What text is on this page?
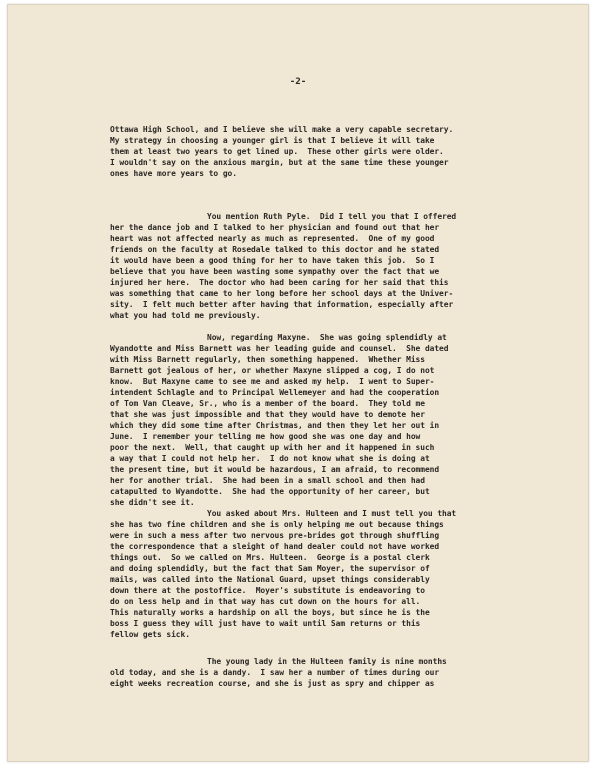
-2-
Ottawa High School, and I believe she will make a very capable secretary.
My strategy in choosing a younger girl is that I believe it will take
them at least two years to get lined up.  These other girls were older.
I wouldn't say on the anxious margin, but at the same time these younger
ones have more years to go.
You mention Ruth Pyle.  Did I tell you that I offered
her the dance job and I talked to her physician and found out that her
heart was not affected nearly as much as represented.  One of my good
friends on the faculty at Rosedale talked to this doctor and he stated
it would have been a good thing for her to have taken this job.  So I
believe that you have been wasting some sympathy over the fact that we
injured her here.  The doctor who had been caring for her said that this
was something that came to her long before her school days at the Univer-
sity.  I felt much better after having that information, especially after
what you had told me previously.
Now, regarding Maxyne.  She was going splendidly at
Wyandotte and Miss Barnett was her leading guide and counsel.  She dated
with Miss Barnett regularly, then something happened.  Whether Miss
Barnett got jealous of her, or whether Maxyne slipped a cog, I do not
know.  But Maxyne came to see me and asked my help.  I went to Super-
intendent Schlagle and to Principal Wellemeyer and had the cooperation
of Tom Van Cleave, Sr., who is a member of the board.  They told me
that she was just impossible and that they would have to demote her
which they did some time after Christmas, and then they let her out in
June.  I remember your telling me how good she was one day and how
poor the next.  Well, that caught up with her and it happened in such
a way that I could not help her.  I do not know what she is doing at
the present time, but it would be hazardous, I am afraid, to recommend
her for another trial.  She had been in a small school and then had
catapulted to Wyandotte.  She had the opportunity of her career, but
she didn't see it.
You asked about Mrs. Hulteen and I must tell you that
she has two fine children and she is only helping me out because things
were in such a mess after two nervous pre-brides got through shuffling
the correspondence that a sleight of hand dealer could not have worked
things out.  So we called on Mrs. Hulteen.  George is a postal clerk
and doing splendidly, but the fact that Sam Moyer, the supervisor of
mails, was called into the National Guard, upset things considerably
down there at the postoffice.  Moyer's substitute is endeavoring to
do on less help and in that way has cut down on the hours for all.
This naturally works a hardship on all the boys, but since he is the
boss I guess they will just have to wait until Sam returns or this
fellow gets sick.
The young lady in the Hulteen family is nine months
old today, and she is a dandy.  I saw her a number of times during our
eight weeks recreation course, and she is just as spry and chipper as
